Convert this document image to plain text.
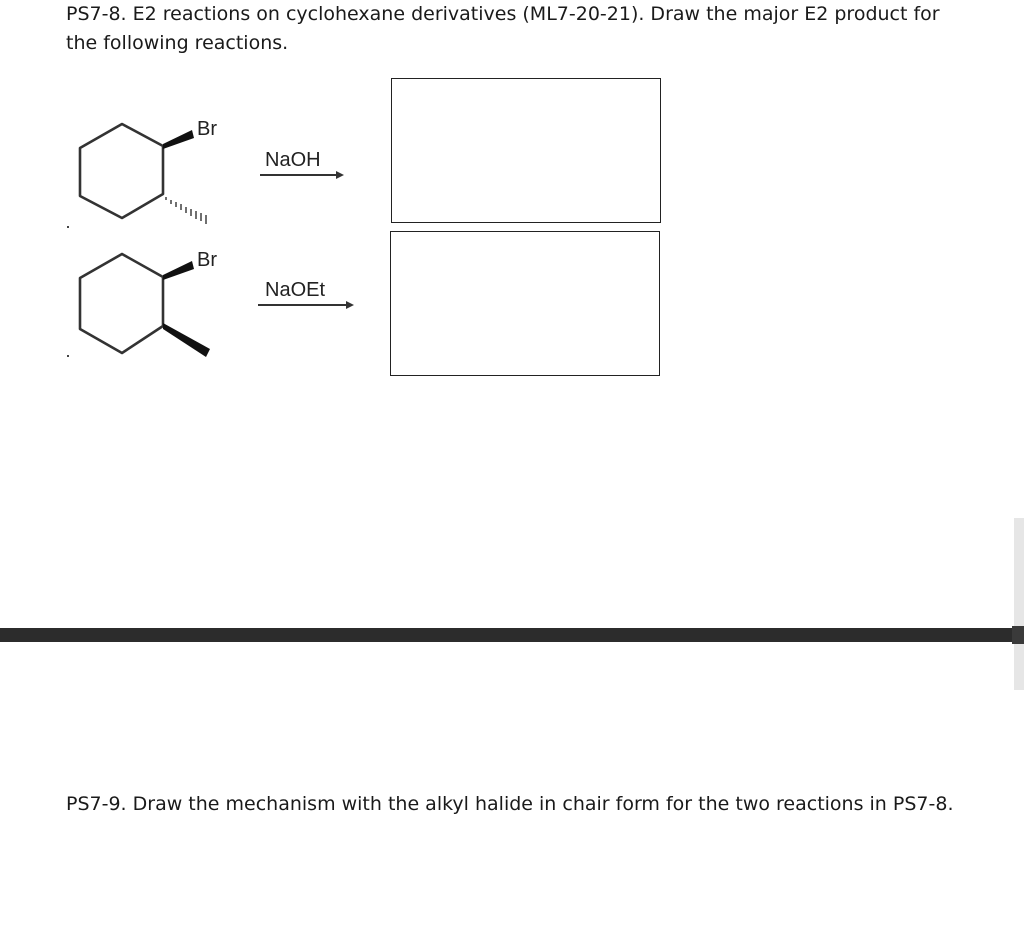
PS7-8. E2 reactions on cyclohexane derivatives (ML7-20-21). Draw the major E2 product for the following reactions.

Br
NaOH
Br
NaOEt

PS7-9. Draw the mechanism with the alkyl halide in chair form for the two reactions in PS7-8.
